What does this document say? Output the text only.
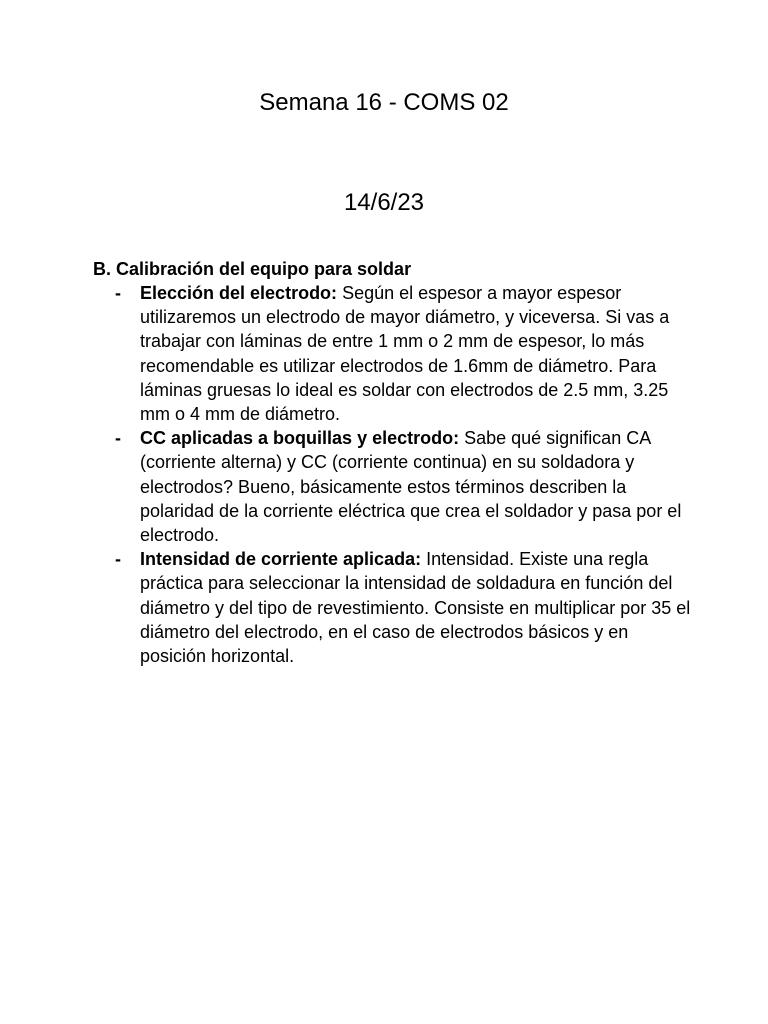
Semana 16 - COMS 02
14/6/23

B. Calibración del equipo para soldar

- Elección del electrodo: Según el espesor a mayor espesor utilizaremos un electrodo de mayor diámetro, y viceversa. Si vas a trabajar con láminas de entre 1 mm o 2 mm de espesor, lo más recomendable es utilizar electrodos de 1.6mm de diámetro. Para láminas gruesas lo ideal es soldar con electrodos de 2.5 mm, 3.25 mm o 4 mm de diámetro.
- CC aplicadas a boquillas y electrodo: Sabe qué significan CA (corriente alterna) y CC (corriente continua) en su soldadora y electrodos? Bueno, básicamente estos términos describen la polaridad de la corriente eléctrica que crea el soldador y pasa por el electrodo.
- Intensidad de corriente aplicada: Intensidad. Existe una regla práctica para seleccionar la intensidad de soldadura en función del diámetro y del tipo de revestimiento. Consiste en multiplicar por 35 el diámetro del electrodo, en el caso de electrodos básicos y en posición horizontal.
